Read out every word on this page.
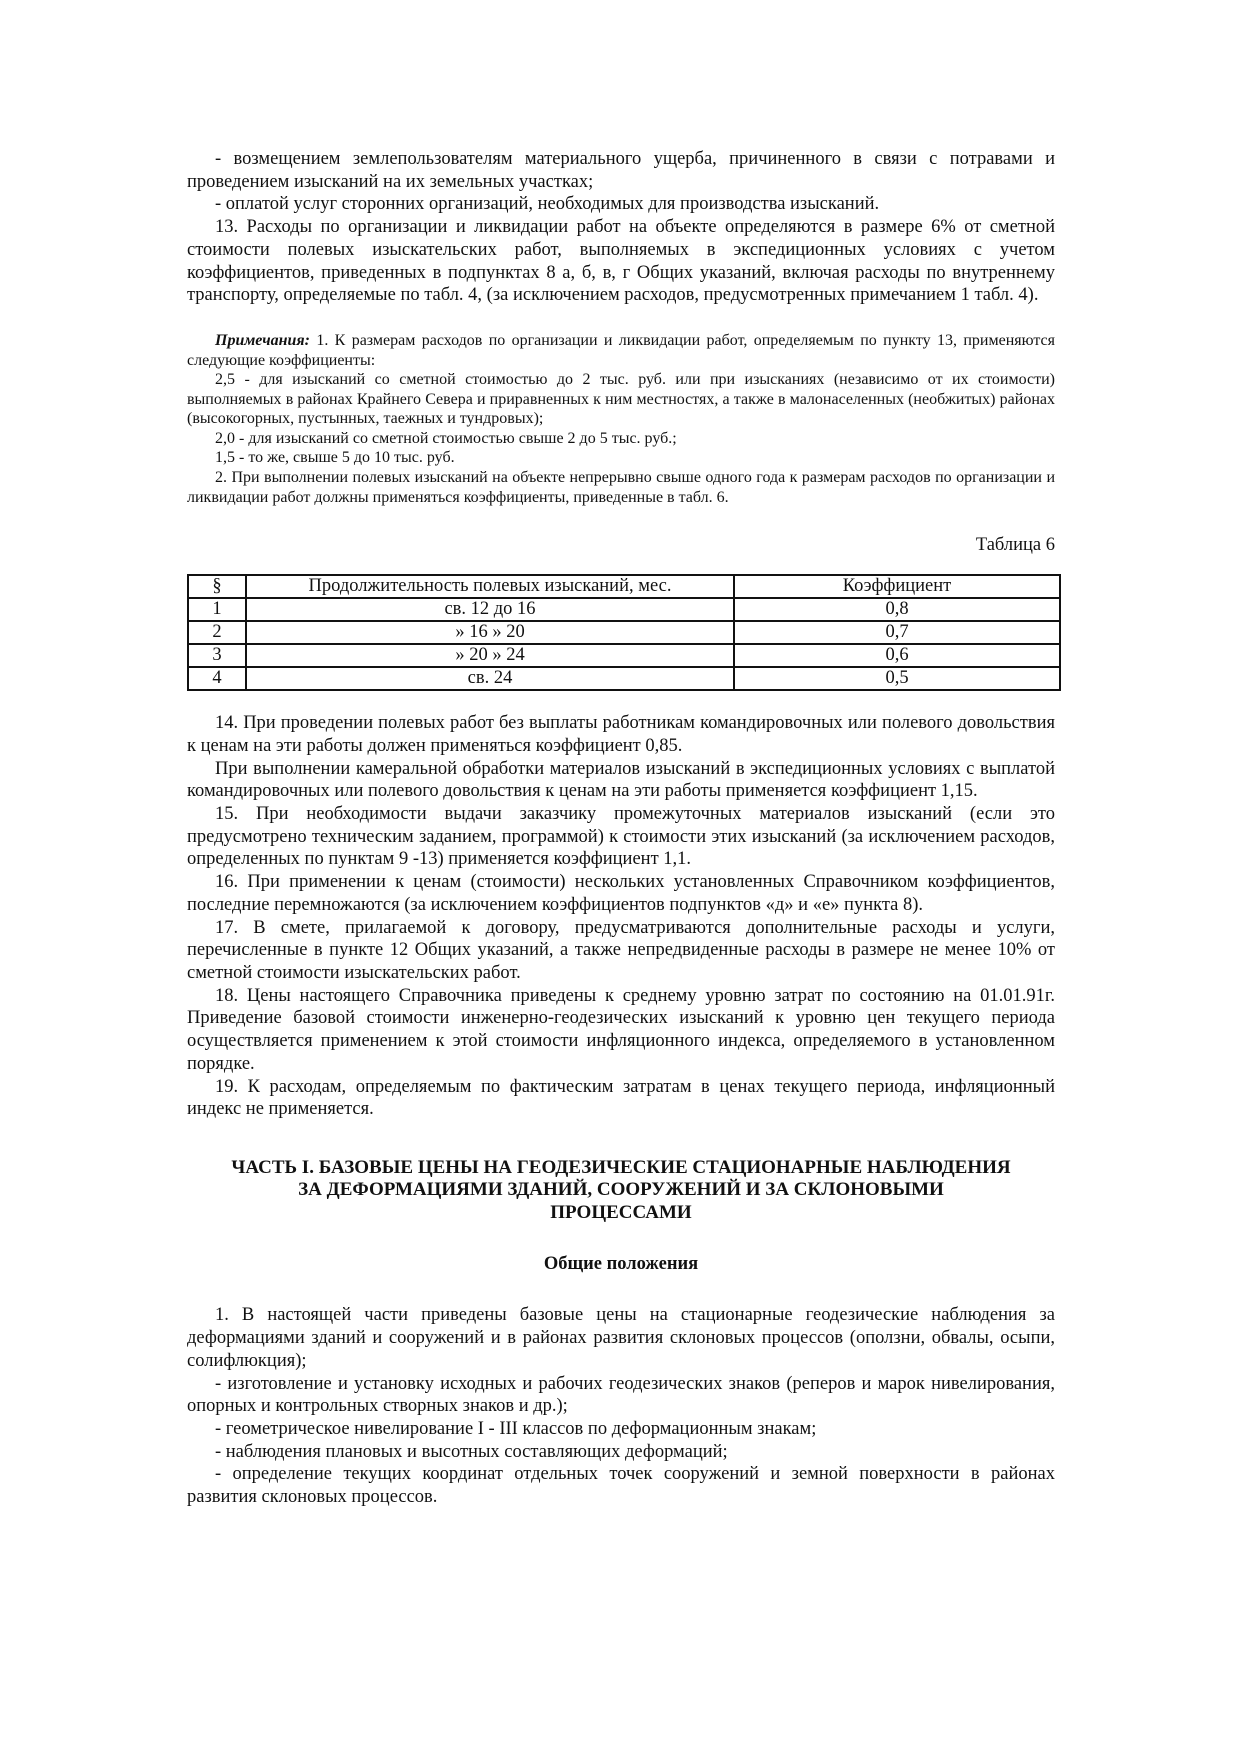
- возмещением землепользователям материального ущерба, причиненного в связи с потравами и проведением изысканий на их земельных участках;

- оплатой услуг сторонних организаций, необходимых для производства изысканий.

13. Расходы по организации и ликвидации работ на объекте определяются в размере 6% от сметной стоимости полевых изыскательских работ, выполняемых в экспедиционных условиях с учетом коэффициентов, приведенных в подпунктах 8 а, б, в, г Общих указаний, включая расходы по внутреннему транспорту, определяемые по табл. 4, (за исключением расходов, предусмотренных примечанием 1 табл. 4).

Примечания: 1. К размерам расходов по организации и ликвидации работ, определяемым по пункту 13, применяются следующие коэффициенты:

2,5 - для изысканий со сметной стоимостью до 2 тыс. руб. или при изысканиях (независимо от их стоимости) выполняемых в районах Крайнего Севера и приравненных к ним местностях, а также в малонаселенных (необжитых) районах (высокогорных, пустынных, таежных и тундровых);

2,0 - для изысканий со сметной стоимостью свыше 2 до 5 тыс. руб.;

1,5 - то же, свыше 5 до 10 тыс. руб.

2. При выполнении полевых изысканий на объекте непрерывно свыше одного года к размерам расходов по организации и ликвидации работ должны применяться коэффициенты, приведенные в табл. 6.

Таблица 6
§	Продолжительность полевых изысканий, мес.	Коэффициент
1	св. 12 до 16	0,8
2	» 16 » 20	0,7
3	» 20 » 24	0,6
4	св. 24	0,5

14. При проведении полевых работ без выплаты работникам командировочных или полевого довольствия к ценам на эти работы должен применяться коэффициент 0,85.

При выполнении камеральной обработки материалов изысканий в экспедиционных условиях с выплатой командировочных или полевого довольствия к ценам на эти работы применяется коэффициент 1,15.

15. При необходимости выдачи заказчику промежуточных материалов изысканий (если это предусмотрено техническим заданием, программой) к стоимости этих изысканий (за исключением расходов, определенных по пунктам 9 -13) применяется коэффициент 1,1.

16. При применении к ценам (стоимости) нескольких установленных Справочником коэффициентов, последние перемножаются (за исключением коэффициентов подпунктов «д» и «е» пункта 8).

17. В смете, прилагаемой к договору, предусматриваются дополнительные расходы и услуги, перечисленные в пункте 12 Общих указаний, а также непредвиденные расходы в размере не менее 10% от сметной стоимости изыскательских работ.

18. Цены настоящего Справочника приведены к среднему уровню затрат по состоянию на 01.01.91г. Приведение базовой стоимости инженерно-геодезических изысканий к уровню цен текущего периода осуществляется применением к этой стоимости инфляционного индекса, определяемого в установленном порядке.

19. К расходам, определяемым по фактическим затратам в ценах текущего периода, инфляционный индекс не применяется.

ЧАСТЬ I. БАЗОВЫЕ ЦЕНЫ НА ГЕОДЕЗИЧЕСКИЕ СТАЦИОНАРНЫЕ НАБЛЮДЕНИЯ ЗА ДЕФОРМАЦИЯМИ ЗДАНИЙ, СООРУЖЕНИЙ И ЗА СКЛОНОВЫМИ ПРОЦЕССАМИ
Общие положения

1. В настоящей части приведены базовые цены на стационарные геодезические наблюдения за деформациями зданий и сооружений и в районах развития склоновых процессов (оползни, обвалы, осыпи, солифлюкция);

- изготовление и установку исходных и рабочих геодезических знаков (реперов и марок нивелирования, опорных и контрольных створных знаков и др.);

- геометрическое нивелирование I - III классов по деформационным знакам;

- наблюдения плановых и высотных составляющих деформаций;

- определение текущих координат отдельных точек сооружений и земной поверхности в районах развития склоновых процессов.
